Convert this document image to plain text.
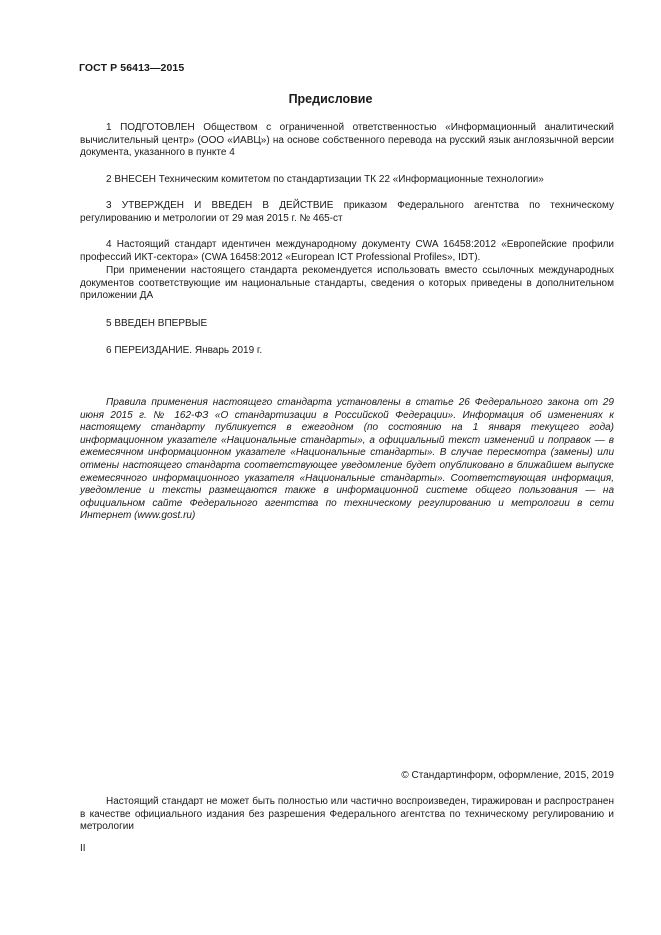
ГОСТ Р 56413—2015
Предисловие

1 ПОДГОТОВЛЕН Обществом с ограниченной ответственностью «Информационный аналитический вычислительный центр» (ООО «ИАВЦ») на основе собственного перевода на русский язык англоязычной версии документа, указанного в пункте 4

2 ВНЕСЕН Техническим комитетом по стандартизации ТК 22 «Информационные технологии»

3 УТВЕРЖДЕН И ВВЕДЕН В ДЕЙСТВИЕ приказом Федерального агентства по техническому регулированию и метрологии от 29 мая 2015 г. № 465-ст

4 Настоящий стандарт идентичен международному документу CWA 16458:2012 «Европейские профили профессий ИКТ-сектора» (CWA 16458:2012 «European ICT Professional Profiles», IDT).

При применении настоящего стандарта рекомендуется использовать вместо ссылочных международных документов соответствующие им национальные стандарты, сведения о которых приведены в дополнительном приложении ДА

5 ВВЕДЕН ВПЕРВЫЕ

6 ПЕРЕИЗДАНИЕ. Январь 2019 г.

Правила применения настоящего стандарта установлены в статье 26 Федерального закона от 29 июня 2015 г. № 162-ФЗ «О стандартизации в Российской Федерации». Информация об изменениях к настоящему стандарту публикуется в ежегодном (по состоянию на 1 января текущего года) информационном указателе «Национальные стандарты», а официальный текст изменений и поправок — в ежемесячном информационном указателе «Национальные стандарты». В случае пересмотра (замены) или отмены настоящего стандарта соответствующее уведомление будет опубликовано в ближайшем выпуске ежемесячного информационного указателя «Национальные стандарты». Соответствующая информация, уведомление и тексты размещаются также в информационной системе общего пользования — на официальном сайте Федерального агентства по техническому регулированию и метрологии в сети Интернет (www.gost.ru)

© Стандартинформ, оформление, 2015, 2019

Настоящий стандарт не может быть полностью или частично воспроизведен, тиражирован и распространен в качестве официального издания без разрешения Федерального агентства по техническому регулированию и метрологии

II
